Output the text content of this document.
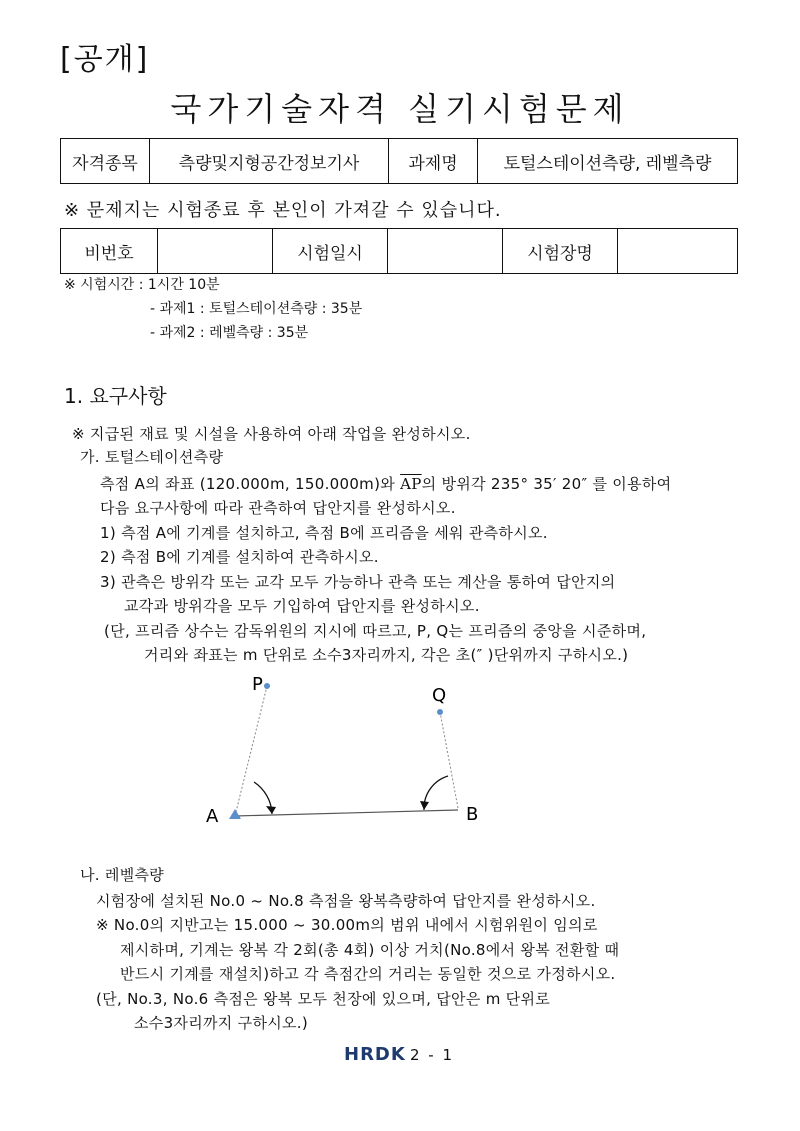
[공개]
국가기술자격 실기시험문제
자격종목	측량및지형공간정보기사	과제명	토털스테이션측량, 레벨측량
※ 문제지는 시험종료 후 본인이 가져갈 수 있습니다.
비번호		시험일시		시험장명	
※ 시험시간 : 1시간 10분
- 과제1 : 토털스테이션측량 : 35분
- 과제2 : 레벨측량 : 35분
1. 요구사항
※ 지급된 재료 및 시설을 사용하여 아래 작업을 완성하시오.
가. 토털스테이션측량
측점 A의 좌표 (120.000m, 150.000m)와 $\overline{AP}$의 방위각 235° 35′ 20″ 를 이용하여
다음 요구사항에 따라 관측하여 답안지를 완성하시오.
1) 측점 A에 기계를 설치하고, 측점 B에 프리즘을 세워 관측하시오.
2) 측점 B에 기계를 설치하여 관측하시오.
3) 관측은 방위각 또는 교각 모두 가능하나 관측 또는 계산을 통하여 답안지의
교각과 방위각을 모두 기입하여 답안지를 완성하시오.
(단, 프리즘 상수는 감독위원의 지시에 따르고, P, Q는 프리즘의 중앙을 시준하며,
거리와 좌표는 m 단위로 소수3자리까지, 각은 초(″ )단위까지 구하시오.)
P
Q
A	B
나. 레벨측량
시험장에 설치된 No.0 ~ No.8 측점을 왕복측량하여 답안지를 완성하시오.
※ No.0의 지반고는 15.000 ~ 30.00m의 범위 내에서 시험위원이 임의로
제시하며, 기계는 왕복 각 2회(총 4회) 이상 거치(No.8에서 왕복 전환할 때
반드시 기계를 재설치)하고 각 측점간의 거리는 동일한 것으로 가정하시오.
(단, No.3, No.6 측점은 왕복 모두 천장에 있으며, 답안은 m 단위로
소수3자리까지 구하시오.)
HRDK 2 - 1
